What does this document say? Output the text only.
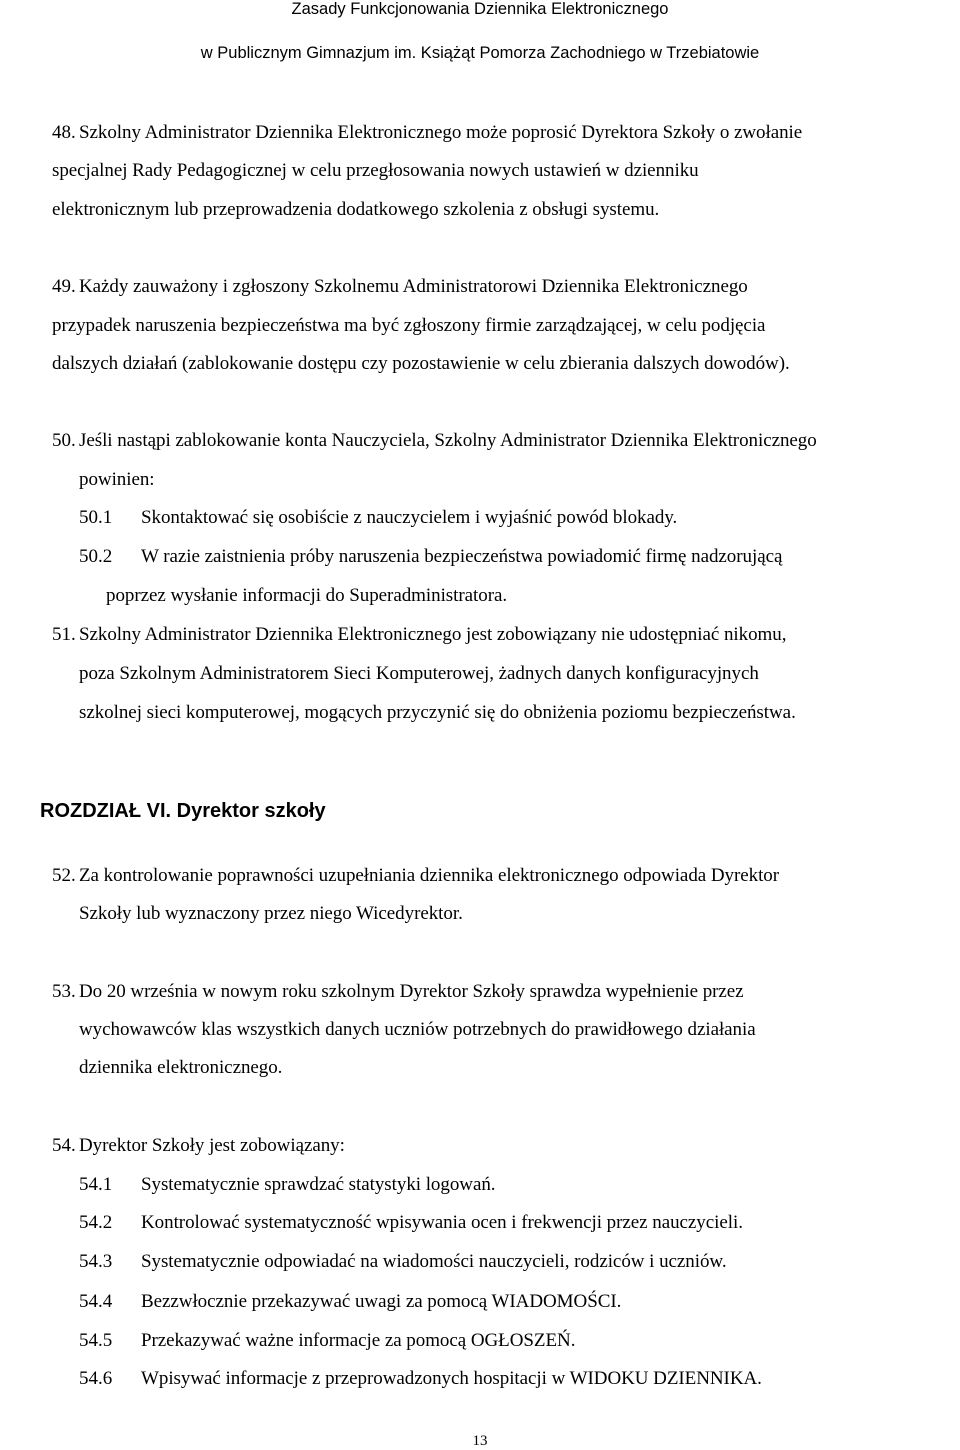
Zasady Funkcjonowania Dziennika Elektronicznego
w Publicznym Gimnazjum im. Książąt Pomorza Zachodniego w Trzebiatowie
48. Szkolny Administrator Dziennika Elektronicznego może poprosić Dyrektora Szkoły o zwołanie
specjalnej Rady Pedagogicznej w celu przegłosowania nowych ustawień w dzienniku
elektronicznym lub przeprowadzenia dodatkowego szkolenia z obsługi systemu.
49. Każdy zauważony i zgłoszony Szkolnemu Administratorowi Dziennika Elektronicznego
przypadek naruszenia bezpieczeństwa ma być zgłoszony firmie zarządzającej, w celu podjęcia
dalszych działań (zablokowanie dostępu czy pozostawienie w celu zbierania dalszych dowodów).
50. Jeśli nastąpi zablokowanie konta Nauczyciela, Szkolny Administrator Dziennika Elektronicznego
powinien:
50.1 Skontaktować się osobiście z nauczycielem i wyjaśnić powód blokady.
50.2 W razie zaistnienia próby naruszenia bezpieczeństwa powiadomić firmę nadzorującą
poprzez wysłanie informacji do Superadministratora.
51. Szkolny Administrator Dziennika Elektronicznego jest zobowiązany nie udostępniać nikomu,
poza Szkolnym Administratorem Sieci Komputerowej, żadnych danych konfiguracyjnych
szkolnej sieci komputerowej, mogących przyczynić się do obniżenia poziomu bezpieczeństwa.
ROZDZIAŁ VI. Dyrektor szkoły
52. Za kontrolowanie poprawności uzupełniania dziennika elektronicznego odpowiada Dyrektor
Szkoły lub wyznaczony przez niego Wicedyrektor.
53. Do 20 września w nowym roku szkolnym Dyrektor Szkoły sprawdza wypełnienie przez
wychowawców klas wszystkich danych uczniów potrzebnych do prawidłowego działania
dziennika elektronicznego.
54. Dyrektor Szkoły jest zobowiązany:
54.1 Systematycznie sprawdzać statystyki logowań.
54.2 Kontrolować systematyczność wpisywania ocen i frekwencji przez nauczycieli.
54.3 Systematycznie odpowiadać na wiadomości nauczycieli, rodziców i uczniów.
54.4 Bezzwłocznie przekazywać uwagi za pomocą WIADOMOŚCI.
54.5 Przekazywać ważne informacje za pomocą OGŁOSZEŃ.
54.6 Wpisywać informacje z przeprowadzonych hospitacji w WIDOKU DZIENNIKA.
13
